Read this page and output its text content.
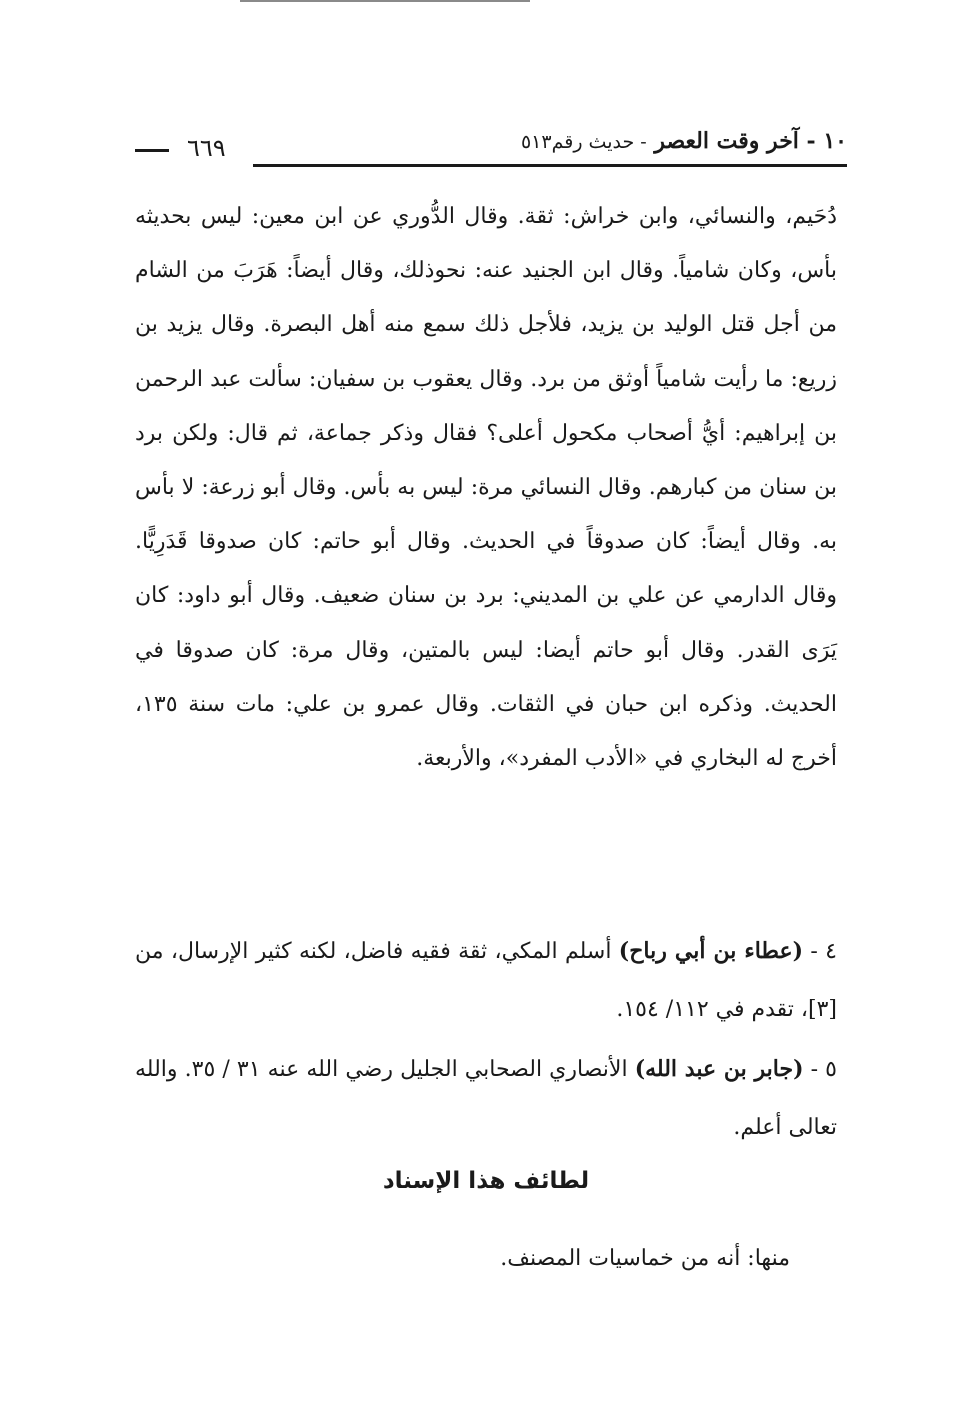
١٠ - آخر وقت العصر - حديث رقم٥١٣
٦٦٩

دُحَيم، والنسائي، وابن خراش: ثقة. وقال الدُّوري عن ابن معين: ليس بحديثه بأس، وكان شامياً. وقال ابن الجنيد عنه: نحوذلك، وقال أيضاً: هَرَبَ من الشام من أجل قتل الوليد بن يزيد، فلأجل ذلك سمع منه أهل البصرة. وقال يزيد بن زريع: ما رأيت شامياً أوثق من برد. وقال يعقوب بن سفيان: سألت عبد الرحمن بن إبراهيم: أيُّ أصحاب مكحول أعلى؟ فقال وذكر جماعة، ثم قال: ولكن برد بن سنان من كبارهم. وقال النسائي مرة: ليس به بأس. وقال أبو زرعة: لا بأس به. وقال أيضاً: كان صدوقاً في الحديث. وقال أبو حاتم: كان صدوقا قَدَرِيًّا. وقال الدارمي عن علي بن المديني: برد بن سنان ضعيف. وقال أبو داود: كان يَرَى القدر. وقال أبو حاتم أيضا: ليس بالمتين، وقال مرة: كان صدوقا في الحديث. وذكره ابن حبان في الثقات. وقال عمرو بن علي: مات سنة ١٣٥، أخرج له البخاري في «الأدب المفرد»، والأربعة.

٤ - (عطاء بن أبي رباح) أسلم المكي، ثقة فقيه فاضل، لكنه كثير الإرسال، من [٣]، تقدم في ١١٢/ ١٥٤.
٥ - (جابر بن عبد الله) الأنصاري الصحابي الجليل رضي الله عنه ٣١ / ٣٥. والله تعالى أعلم.
لطائف هذا الإسناد
منها: أنه من خماسيات المصنف.
